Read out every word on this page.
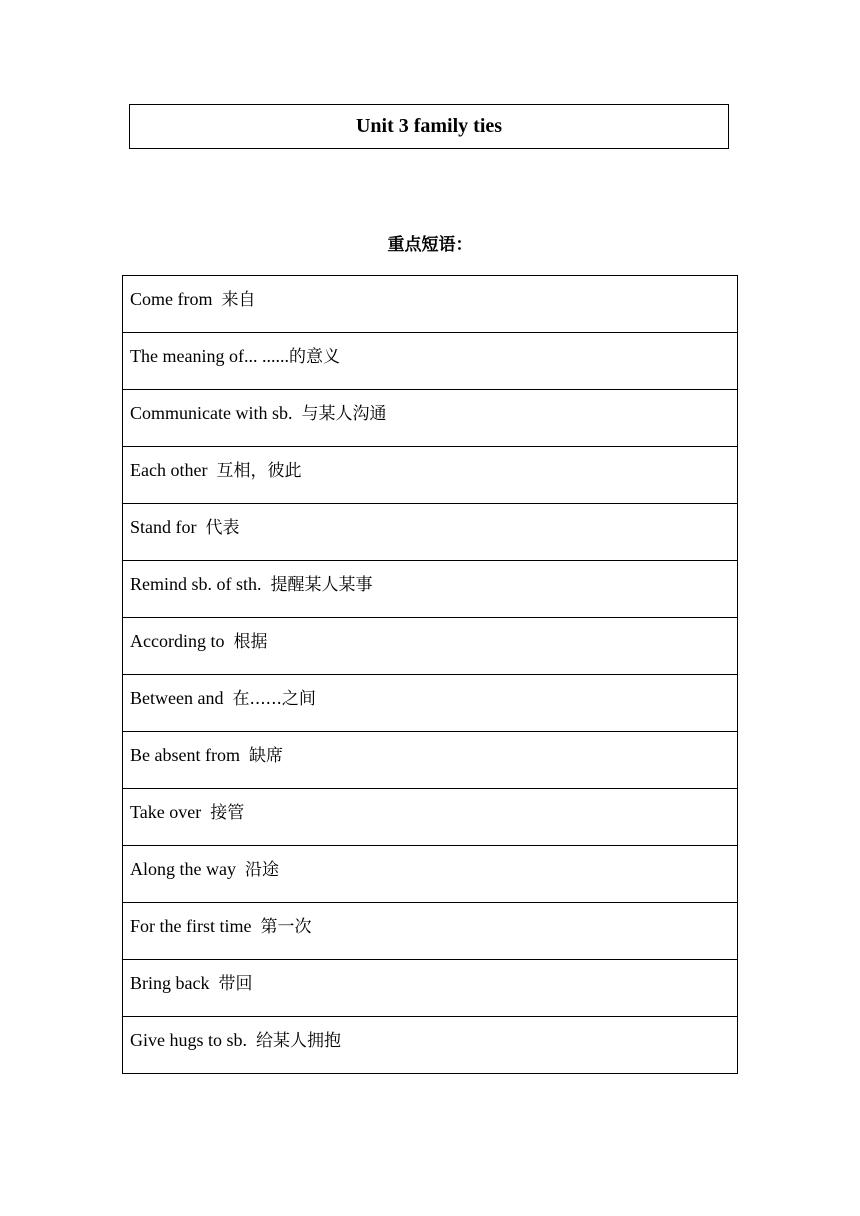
Unit 3 family ties
重点短语：
Come from 来自

The meaning of... ......的意义

Communicate with sb. 与某人沟通

Each other 互相，彼此

Stand for 代表

Remind sb. of sth. 提醒某人某事

According to 根据

Between and 在......之间

Be absent from 缺席

Take over 接管

Along the way 沿途

For the first time 第一次

Bring back 带回

Give hugs to sb. 给某人拥抱
